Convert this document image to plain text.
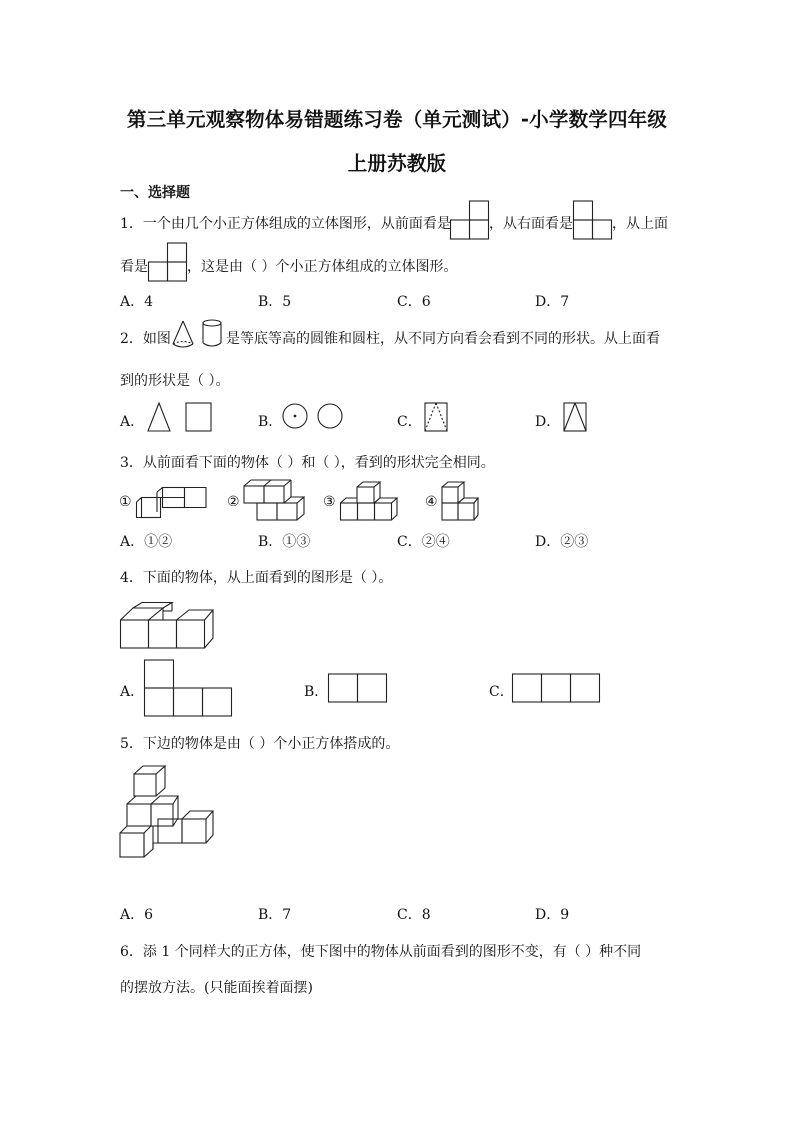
第三单元观察物体易错题练习卷（单元测试）-小学数学四年级
上册苏教版
一、选择题
1．一个由几个小正方体组成的立体图形，从前面看是	，从右面看是	，从上面
看是	，这是由（ ）个小正方体组成的立体图形。
A．4	B．5	C．6	D．7
2．如图	是等底等高的圆锥和圆柱，从不同方向看会看到不同的形状。从上面看
到的形状是（ ）。
A．	B．	C．	D．
3．从前面看下面的物体（ ）和（ ），看到的形状完全相同。
①	②	③	④
A．①②	B．①③	C．②④	D．②③
4．下面的物体，从上面看到的图形是（ ）。
A．	B．	C．
5．下边的物体是由（ ）个小正方体搭成的。
A．6	B．7	C．8	D．9
6．添 1 个同样大的正方体，使下图中的物体从前面看到的图形不变，有（ ）种不同
的摆放方法。(只能面挨着面摆)
